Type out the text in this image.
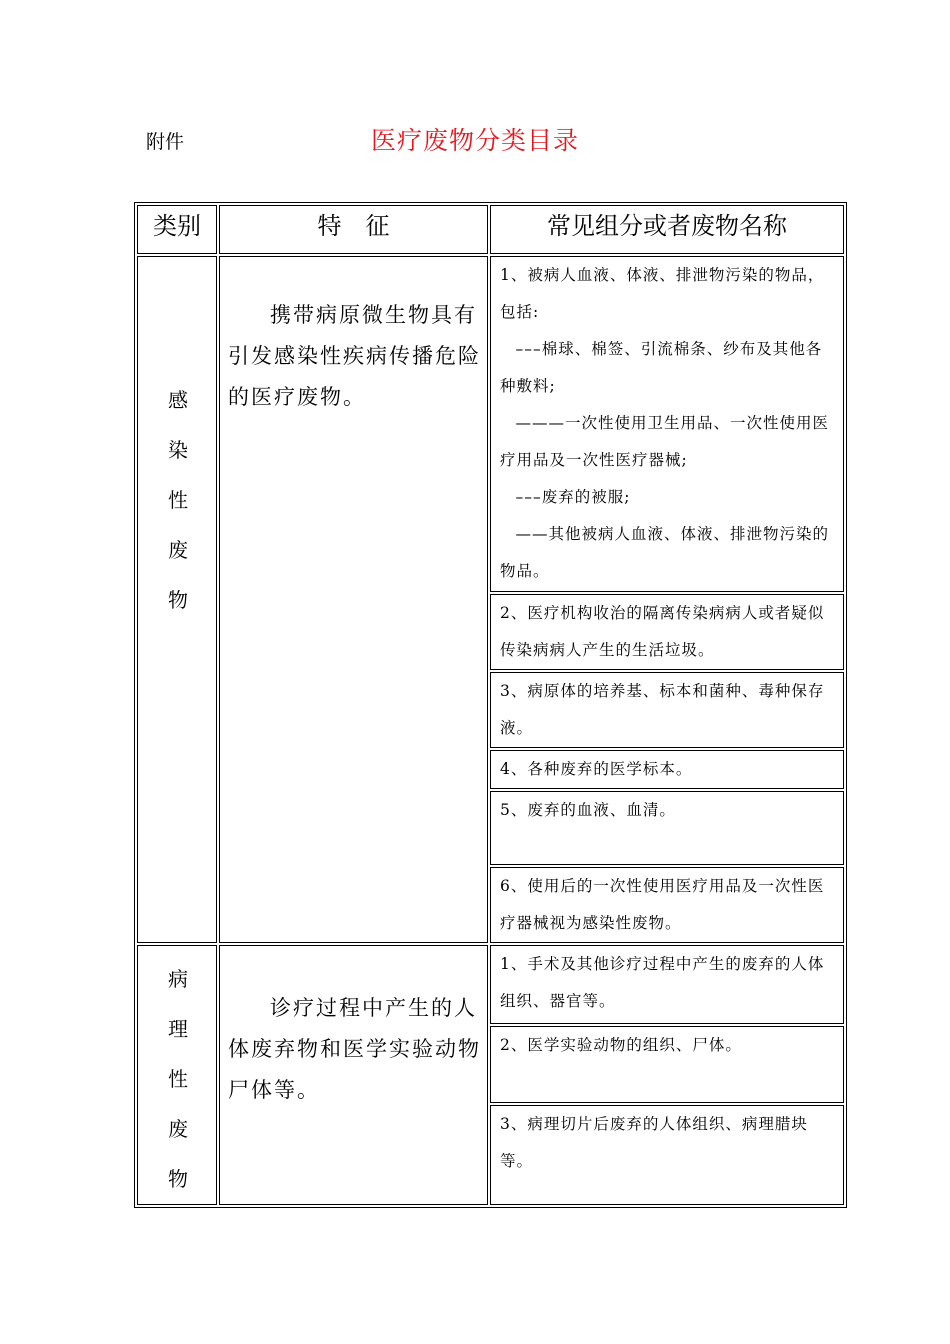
附件	医疗废物分类目录
类别	特　征	常见组分或者废物名称

感染性废物	携带病原微生物具有引发感染性疾病传播危险的医疗废物。	1、被病人血液、体液、排泄物污染的物品，包括:
–––棉球、棉签、引流棉条、纱布及其他各种敷料;
———一次性使用卫生用品、一次性使用医疗用品及一次性医疗器械;
–––废弃的被服;
——其他被病人血液、体液、排泄物污染的物品。

		2、医疗机构收治的隔离传染病病人或者疑似传染病病人产生的生活垃圾。

		3、病原体的培养基、标本和菌种、毒种保存液。

		4、各种废弃的医学标本。

		5、废弃的血液、血清。

		6、使用后的一次性使用医疗用品及一次性医疗器械视为感染性废物。

病理性废物	诊疗过程中产生的人体废弃物和医学实验动物尸体等。	1、手术及其他诊疗过程中产生的废弃的人体组织、器官等。

		2、医学实验动物的组织、尸体。

		3、病理切片后废弃的人体组织、病理腊块等。
